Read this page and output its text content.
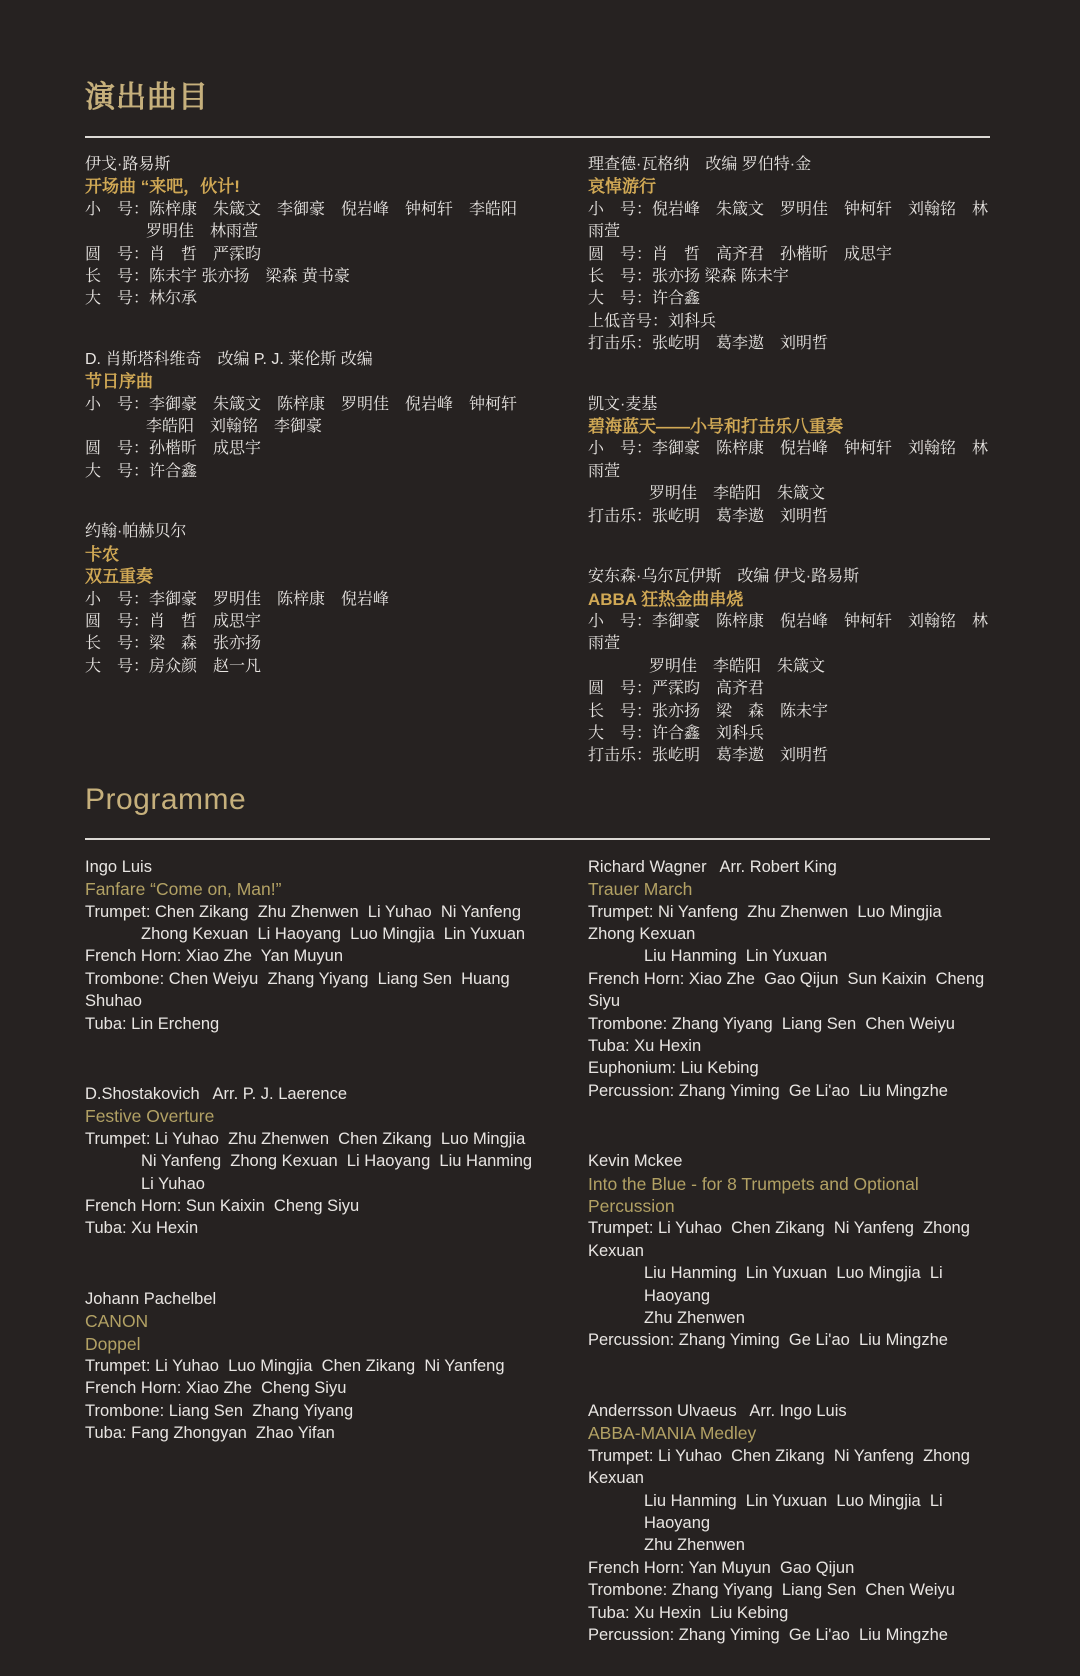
演出曲目
伊戈·路易斯
开场曲 “来吧，伙计!
小　号：陈梓康　朱箴文　李御豪　倪岩峰　钟柯轩　李皓阳
罗明佳　林雨萱
圆　号：肖　哲　严霂昀
长　号：陈未宇 张亦扬　梁森 黄书豪
大　号：林尔承
D. 肖斯塔科维奇　改编 P. J. 莱伦斯 改编
节日序曲
小　号：李御豪　朱箴文　陈梓康　罗明佳　倪岩峰　钟柯轩
李皓阳　刘翰铭　李御豪
圆　号：孙楷昕　成思宇
大　号：许合鑫
约翰·帕赫贝尔
卡农
双五重奏
小　号：李御豪　罗明佳　陈梓康　倪岩峰
圆　号：肖　哲　成思宇
长　号：梁　森　张亦扬
大　号：房众颜　赵一凡
理查德·瓦格纳　改编 罗伯特·金
哀悼游行
小　号：倪岩峰　朱箴文　罗明佳　钟柯轩　刘翰铭　林雨萱
圆　号：肖　哲　高齐君　孙楷昕　成思宇
长　号：张亦扬 梁森 陈未宇
大　号：许合鑫
上低音号：刘科兵
打击乐：张屹明　葛李遨　刘明哲
凯文·麦基
碧海蓝天——小号和打击乐八重奏
小　号：李御豪　陈梓康　倪岩峰　钟柯轩　刘翰铭　林雨萱
罗明佳　李皓阳　朱箴文
打击乐：张屹明　葛李遨　刘明哲
安东森·乌尔瓦伊斯　改编 伊戈·路易斯
ABBA 狂热金曲串烧
小　号：李御豪　陈梓康　倪岩峰　钟柯轩　刘翰铭　林雨萱
罗明佳　李皓阳　朱箴文
圆　号：严霂昀　高齐君
长　号：张亦扬　梁　森　陈未宇
大　号：许合鑫　刘科兵
打击乐：张屹明　葛李遨　刘明哲
Programme
Ingo Luis
Fanfare “Come on, Man!”
Trumpet: Chen Zikang  Zhu Zhenwen  Li Yuhao  Ni Yanfeng
Zhong Kexuan  Li Haoyang  Luo Mingjia  Lin Yuxuan
French Horn: Xiao Zhe  Yan Muyun
Trombone: Chen Weiyu  Zhang Yiyang  Liang Sen  Huang Shuhao
Tuba: Lin Ercheng
D.Shostakovich   Arr. P. J. Laerence
Festive Overture
Trumpet: Li Yuhao  Zhu Zhenwen  Chen Zikang  Luo Mingjia
Ni Yanfeng  Zhong Kexuan  Li Haoyang  Liu Hanming
Li Yuhao
French Horn: Sun Kaixin  Cheng Siyu
Tuba: Xu Hexin
Johann Pachelbel
CANON
Doppel
Trumpet: Li Yuhao  Luo Mingjia  Chen Zikang  Ni Yanfeng
French Horn: Xiao Zhe  Cheng Siyu
Trombone: Liang Sen  Zhang Yiyang
Tuba: Fang Zhongyan  Zhao Yifan
Richard Wagner   Arr. Robert King
Trauer March
Trumpet: Ni Yanfeng  Zhu Zhenwen  Luo Mingjia  Zhong Kexuan
Liu Hanming  Lin Yuxuan
French Horn: Xiao Zhe  Gao Qijun  Sun Kaixin  Cheng Siyu
Trombone: Zhang Yiyang  Liang Sen  Chen Weiyu
Tuba: Xu Hexin
Euphonium: Liu Kebing
Percussion: Zhang Yiming  Ge Li'ao  Liu Mingzhe
Kevin Mckee
Into the Blue - for 8 Trumpets and Optional Percussion
Trumpet: Li Yuhao  Chen Zikang  Ni Yanfeng  Zhong Kexuan
Liu Hanming  Lin Yuxuan  Luo Mingjia  Li Haoyang
Zhu Zhenwen
Percussion: Zhang Yiming  Ge Li'ao  Liu Mingzhe
Anderrsson Ulvaeus   Arr. Ingo Luis
ABBA-MANIA Medley
Trumpet: Li Yuhao  Chen Zikang  Ni Yanfeng  Zhong Kexuan
Liu Hanming  Lin Yuxuan  Luo Mingjia  Li Haoyang
Zhu Zhenwen
French Horn: Yan Muyun  Gao Qijun
Trombone: Zhang Yiyang  Liang Sen  Chen Weiyu
Tuba: Xu Hexin  Liu Kebing
Percussion: Zhang Yiming  Ge Li'ao  Liu Mingzhe
